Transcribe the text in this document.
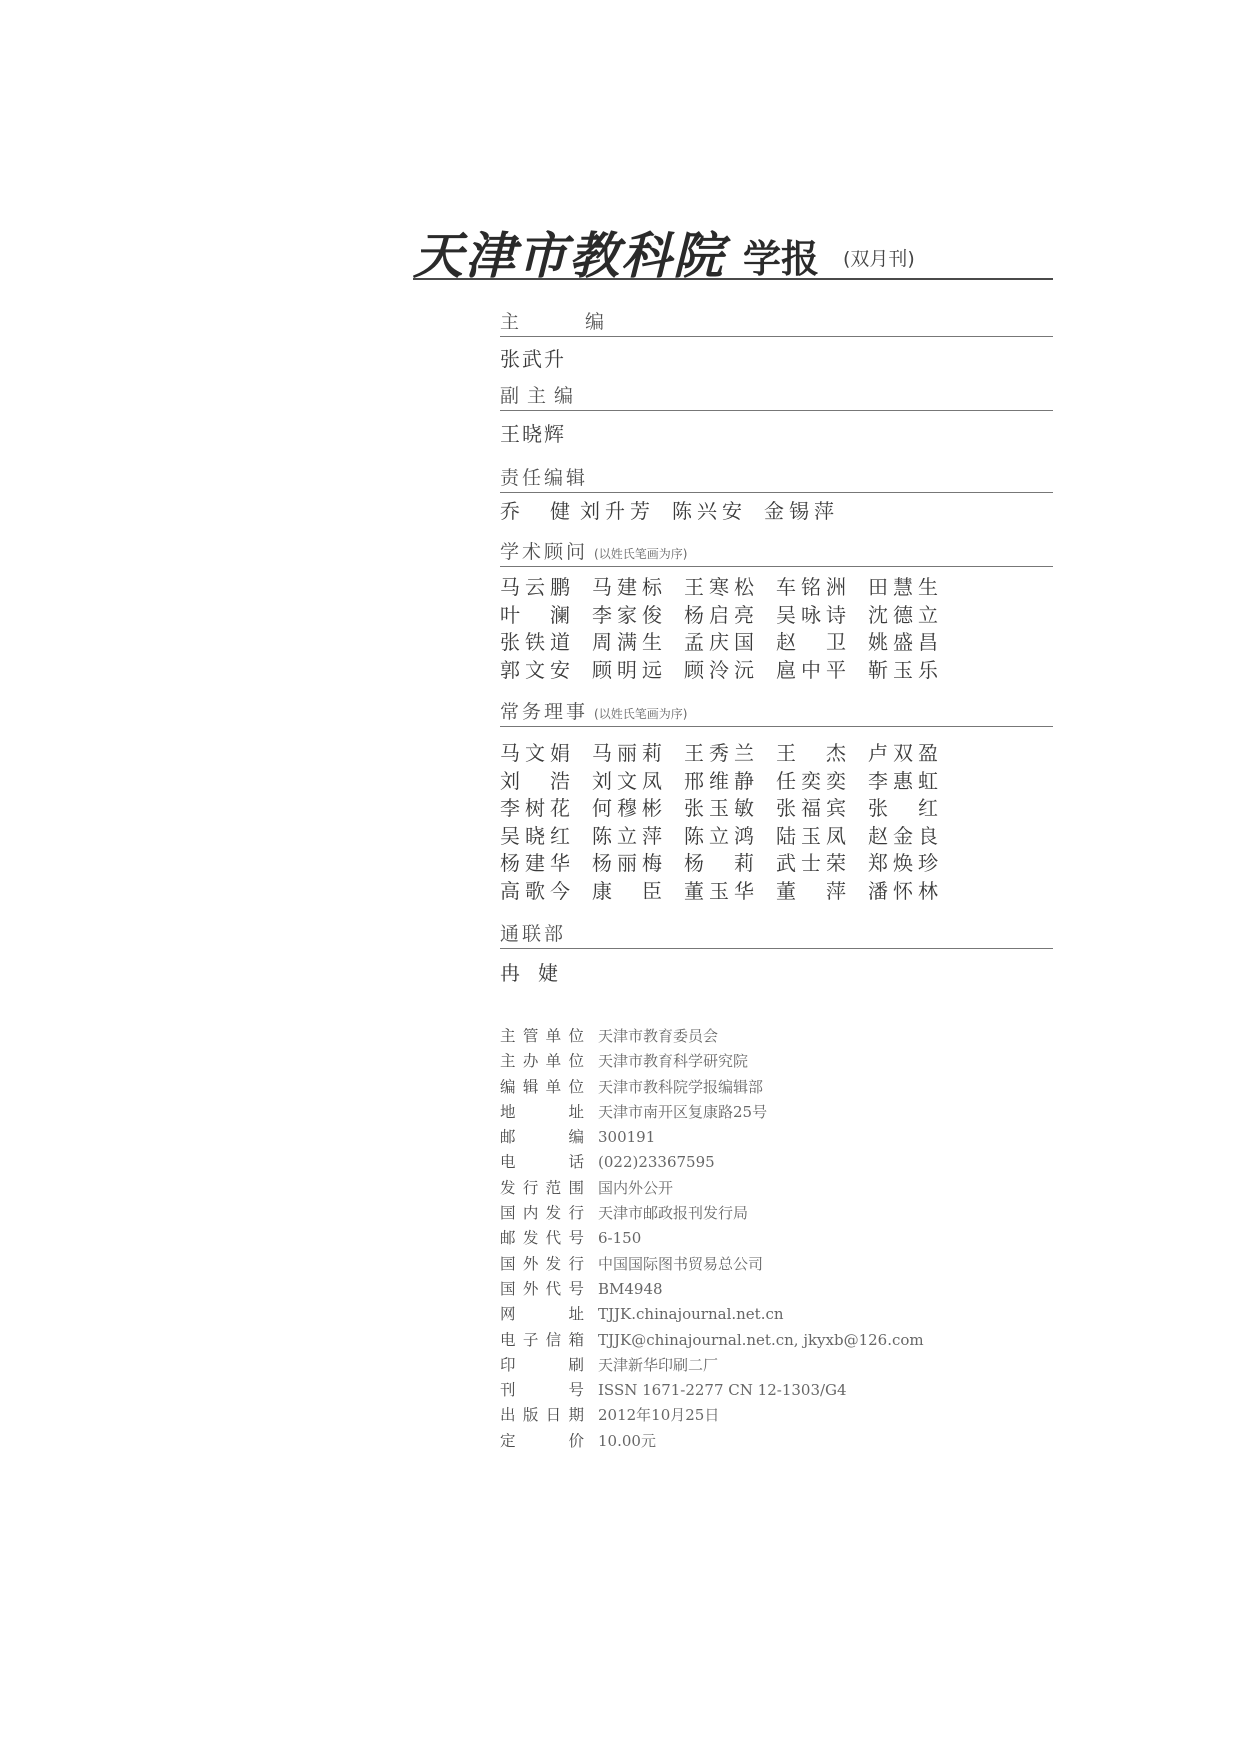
天津市教科院 学报 (双月刊)
主 编
张武升
副主编
王晓辉
责任编辑
乔健 刘升芳 陈兴安 金锡萍
学术顾问 (以姓氏笔画为序)
马云鹏 马建标 王寒松 车铭洲 田慧生
叶澜 李家俊 杨启亮 吴咏诗 沈德立
张铁道 周满生 孟庆国 赵卫 姚盛昌
郭文安 顾明远 顾泠沅 扈中平 靳玉乐
常务理事 (以姓氏笔画为序)
马文娟 马丽莉 王秀兰 王杰 卢双盈
刘浩 刘文凤 邢维静 任奕奕 李惠虹
李树花 何穆彬 张玉敏 张福宾 张红
吴晓红 陈立萍 陈立鸿 陆玉凤 赵金良
杨建华 杨丽梅 杨莉 武士荣 郑焕珍
高歌今 康臣 董玉华 董萍 潘怀林
通联部
冉婕
主管单位 天津市教育委员会
主办单位 天津市教育科学研究院
编辑单位 天津市教科院学报编辑部
地址 天津市南开区复康路25号
邮编 300191
电话 (022)23367595
发行范围 国内外公开
国内发行 天津市邮政报刊发行局
邮发代号 6-150
国外发行 中国国际图书贸易总公司
国外代号 BM4948
网址 TJJK.chinajournal.net.cn
电子信箱 TJJK@chinajournal.net.cn, jkyxb@126.com
印刷 天津新华印刷二厂
刊号 ISSN 1671-2277 CN 12-1303/G4
出版日期 2012年10月25日
定价 10.00元
